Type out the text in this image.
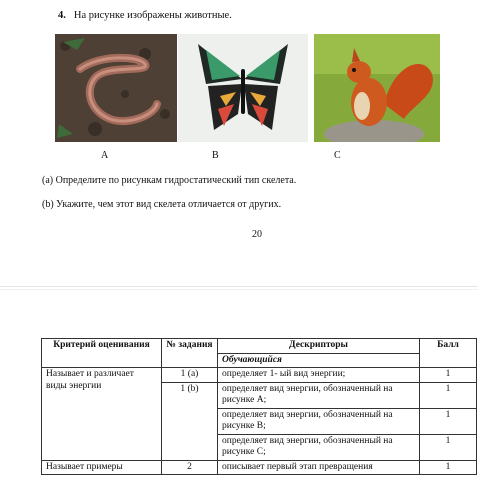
4. На рисунке изображены животные.
A	B	C
(a) Определите по рисункам гидростатический тип скелета.
(b) Укажите, чем этот вид скелета отличается от других.
20
Критерий оценивания	№ задания	Дескрипторы	Балл
		Обучающийся	
Называет и различает виды энергии	1 (a)	определяет 1- ый вид энергии;	1
	1 (b)	определяет вид энергии, обозначенный на рисунке A;	1
		определяет вид энергии, обозначенный на рисунке B;	1
		определяет вид энергии, обозначенный на рисунке C;	1
Называет примеры	2	описывает первый этап превращения	1
